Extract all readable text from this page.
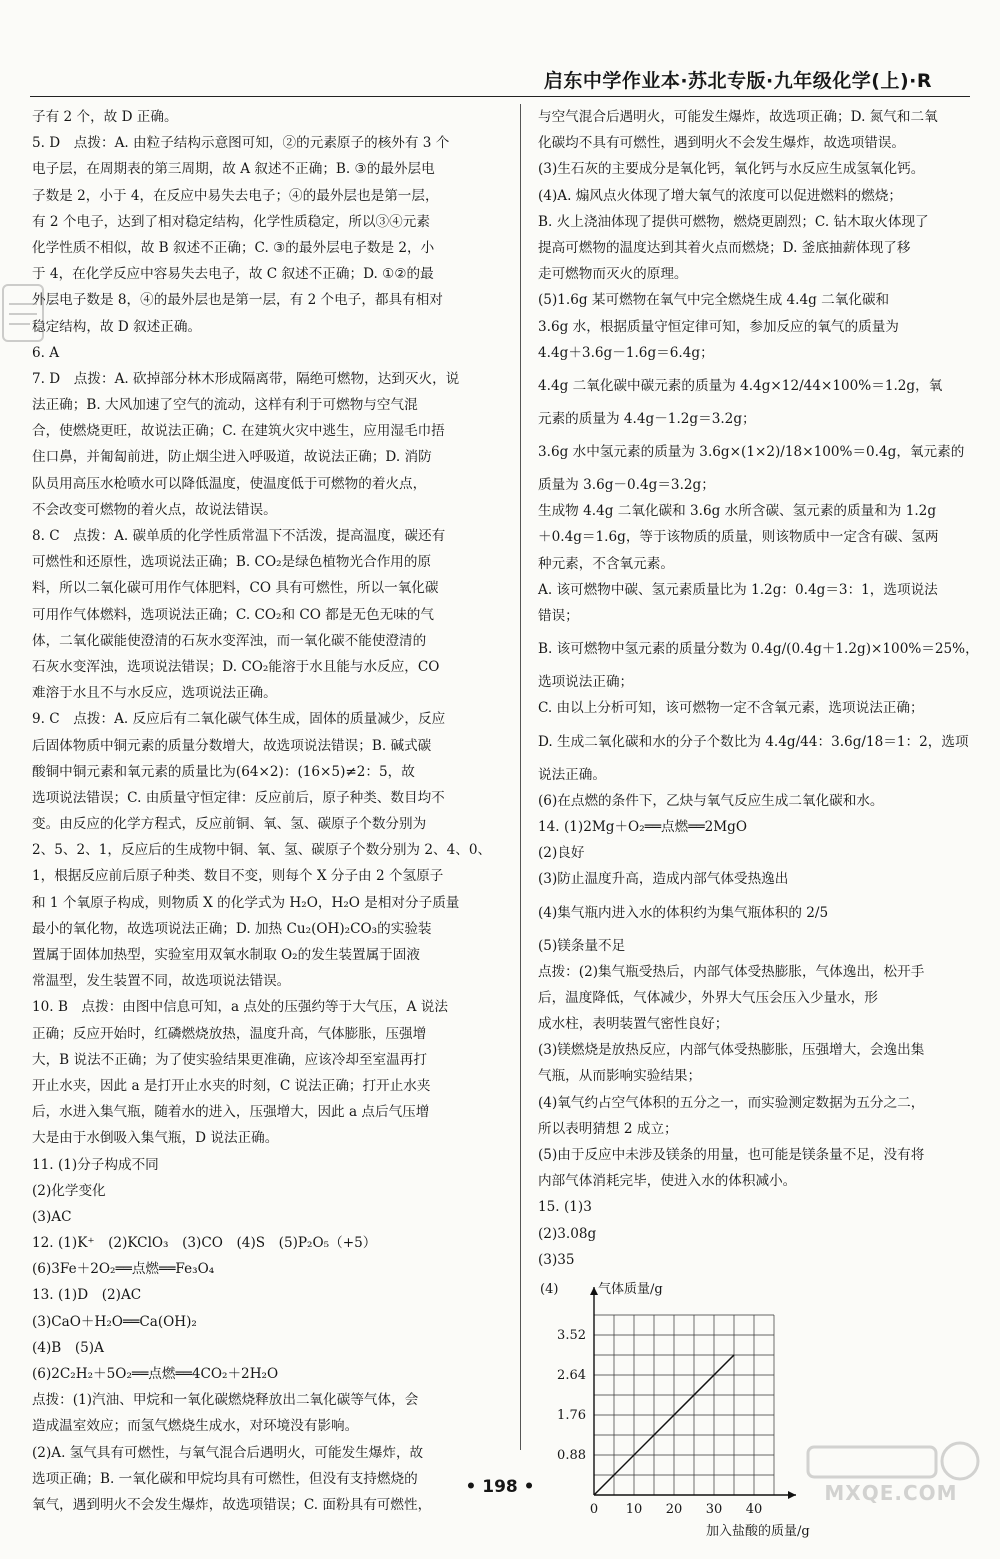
启东中学作业本·苏北专版·九年级化学(上)·R
子有 2 个，故 D 正确。
5. D　点拨：A. 由粒子结构示意图可知，②的元素原子的核外有 3 个
电子层，在周期表的第三周期，故 A 叙述不正确；B. ③的最外层电
子数是 2，小于 4，在反应中易失去电子；④的最外层也是第一层，
有 2 个电子，达到了相对稳定结构，化学性质稳定，所以③④元素
化学性质不相似，故 B 叙述不正确；C. ③的最外层电子数是 2，小
于 4，在化学反应中容易失去电子，故 C 叙述不正确；D. ①②的最
外层电子数是 8，④的最外层也是第一层，有 2 个电子，都具有相对
稳定结构，故 D 叙述正确。
6. A
7. D　点拨：A. 砍掉部分林木形成隔离带，隔绝可燃物，达到灭火，说
法正确；B. 大风加速了空气的流动，这样有利于可燃物与空气混
合，使燃烧更旺，故说法正确；C. 在建筑火灾中逃生，应用湿毛巾捂
住口鼻，并匍匐前进，防止烟尘进入呼吸道，故说法正确；D. 消防
队员用高压水枪喷水可以降低温度，使温度低于可燃物的着火点，
不会改变可燃物的着火点，故说法错误。
8. C　点拨：A. 碳单质的化学性质常温下不活泼，提高温度，碳还有
可燃性和还原性，选项说法正确；B. CO₂是绿色植物光合作用的原
料，所以二氧化碳可用作气体肥料，CO 具有可燃性，所以一氧化碳
可用作气体燃料，选项说法正确；C. CO₂和 CO 都是无色无味的气
体，二氧化碳能使澄清的石灰水变浑浊，而一氧化碳不能使澄清的
石灰水变浑浊，选项说法错误；D. CO₂能溶于水且能与水反应，CO
难溶于水且不与水反应，选项说法正确。
9. C　点拨：A. 反应后有二氧化碳气体生成，固体的质量减少，反应
后固体物质中铜元素的质量分数增大，故选项说法错误；B. 碱式碳
酸铜中铜元素和氧元素的质量比为(64×2)：(16×5)≠2：5，故
选项说法错误；C. 由质量守恒定律：反应前后，原子种类、数目均不
变。由反应的化学方程式，反应前铜、氧、氢、碳原子个数分别为
2、5、2、1，反应后的生成物中铜、氧、氢、碳原子个数分别为 2、4、0、
1，根据反应前后原子种类、数目不变，则每个 X 分子由 2 个氢原子
和 1 个氧原子构成，则物质 X 的化学式为 H₂O，H₂O 是相对分子质量
最小的氧化物，故选项说法正确；D. 加热 Cu₂(OH)₂CO₃的实验装
置属于固体加热型，实验室用双氧水制取 O₂的发生装置属于固液
常温型，发生装置不同，故选项说法错误。
10. B　点拨：由图中信息可知，a 点处的压强约等于大气压，A 说法
正确；反应开始时，红磷燃烧放热，温度升高，气体膨胀，压强增
大，B 说法不正确；为了使实验结果更准确，应该冷却至室温再打
开止水夹，因此 a 是打开止水夹的时刻，C 说法正确；打开止水夹
后，水进入集气瓶，随着水的进入，压强增大，因此 a 点后气压增
大是由于水倒吸入集气瓶，D 说法正确。
11. (1)分子构成不同
(2)化学变化
(3)AC
12. (1)K⁺　(2)KClO₃　(3)CO　(4)S　(5)P₂O₅（+5）
(6)3Fe＋2O₂══点燃══Fe₃O₄
13. (1)D　(2)AC
(3)CaO＋H₂O══Ca(OH)₂
(4)B　(5)A
(6)2C₂H₂＋5O₂══点燃══4CO₂＋2H₂O
点拨：(1)汽油、甲烷和一氧化碳燃烧释放出二氧化碳等气体，会
造成温室效应；而氢气燃烧生成水，对环境没有影响。
(2)A. 氢气具有可燃性，与氧气混合后遇明火，可能发生爆炸，故
选项正确；B. 一氧化碳和甲烷均具有可燃性，但没有支持燃烧的
氧气，遇到明火不会发生爆炸，故选项错误；C. 面粉具有可燃性，
与空气混合后遇明火，可能发生爆炸，故选项正确；D. 氮气和二氧
化碳均不具有可燃性，遇到明火不会发生爆炸，故选项错误。
(3)生石灰的主要成分是氧化钙，氧化钙与水反应生成氢氧化钙。
(4)A. 煽风点火体现了增大氧气的浓度可以促进燃料的燃烧；
B. 火上浇油体现了提供可燃物，燃烧更剧烈；C. 钻木取火体现了
提高可燃物的温度达到其着火点而燃烧；D. 釜底抽薪体现了移
走可燃物而灭火的原理。
(5)1.6g 某可燃物在氧气中完全燃烧生成 4.4g 二氧化碳和
3.6g 水，根据质量守恒定律可知，参加反应的氧气的质量为
4.4g＋3.6g－1.6g＝6.4g；
4.4g 二氧化碳中碳元素的质量为 4.4g×12/44×100%＝1.2g，氧
元素的质量为 4.4g－1.2g＝3.2g；
3.6g 水中氢元素的质量为 3.6g×(1×2)/18×100%＝0.4g，氧元素的
质量为 3.6g－0.4g＝3.2g；
生成物 4.4g 二氧化碳和 3.6g 水所含碳、氢元素的质量和为 1.2g
＋0.4g＝1.6g，等于该物质的质量，则该物质中一定含有碳、氢两
种元素，不含氧元素。
A. 该可燃物中碳、氢元素质量比为 1.2g：0.4g＝3：1，选项说法
错误；
B. 该可燃物中氢元素的质量分数为 0.4g/(0.4g＋1.2g)×100%＝25%，
选项说法正确；
C. 由以上分析可知，该可燃物一定不含氧元素，选项说法正确；
D. 生成二氧化碳和水的分子个数比为 4.4g/44：3.6g/18＝1：2，选项
说法正确。
(6)在点燃的条件下，乙炔与氧气反应生成二氧化碳和水。
14. (1)2Mg＋O₂══点燃══2MgO
(2)良好
(3)防止温度升高，造成内部气体受热逸出
(4)集气瓶内进入水的体积约为集气瓶体积的 2/5
(5)镁条量不足
点拨：(2)集气瓶受热后，内部气体受热膨胀，气体逸出，松开手
后，温度降低，气体减少，外界大气压会压入少量水，形
成水柱，表明装置气密性良好；
(3)镁燃烧是放热反应，内部气体受热膨胀，压强增大，会逸出集
气瓶，从而影响实验结果；
(4)氧气约占空气体积的五分之一，而实验测定数据为五分之二，
所以表明猜想 2 成立；
(5)由于反应中未涉及镁条的用量，也可能是镁条量不足，没有将
内部气体消耗完毕，使进入水的体积减小。
15. (1)3
(2)3.08g
(3)35
0 10 20 30 40
0.88
1.76
2.64
3.52
(4)	气体质量/g
加入盐酸的质量/g
• 198 •	MXQE.COM
